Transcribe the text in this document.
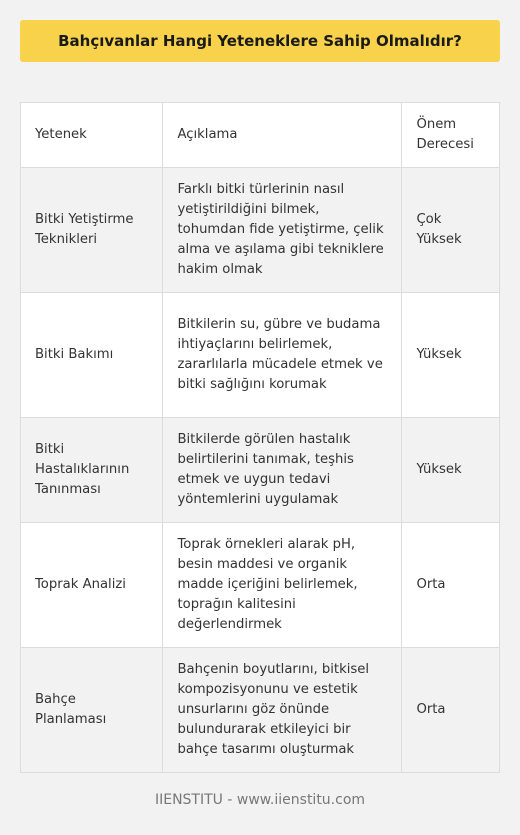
Bahçıvanlar Hangi Yeteneklere Sahip Olmalıdır?
Yetenek	Açıklama	Önem Derecesi
Bitki Yetiştirme Teknikleri	Farklı bitki türlerinin nasıl yetiştirildiğini bilmek, tohumdan fide yetiştirme, çelik alma ve aşılama gibi tekniklere hakim olmak	Çok Yüksek
Bitki Bakımı	Bitkilerin su, gübre ve budama ihtiyaçlarını belirlemek, zararlılarla mücadele etmek ve bitki sağlığını korumak	Yüksek
Bitki Hastalıklarının Tanınması	Bitkilerde görülen hastalık belirtilerini tanımak, teşhis etmek ve uygun tedavi yöntemlerini uygulamak	Yüksek
Toprak Analizi	Toprak örnekleri alarak pH, besin maddesi ve organik madde içeriğini belirlemek, toprağın kalitesini değerlendirmek	Orta
Bahçe Planlaması	Bahçenin boyutlarını, bitkisel kompozisyonunu ve estetik unsurlarını göz önünde bulundurarak etkileyici bir bahçe tasarımı oluşturmak	Orta
IIENSTITU - www.iienstitu.com
